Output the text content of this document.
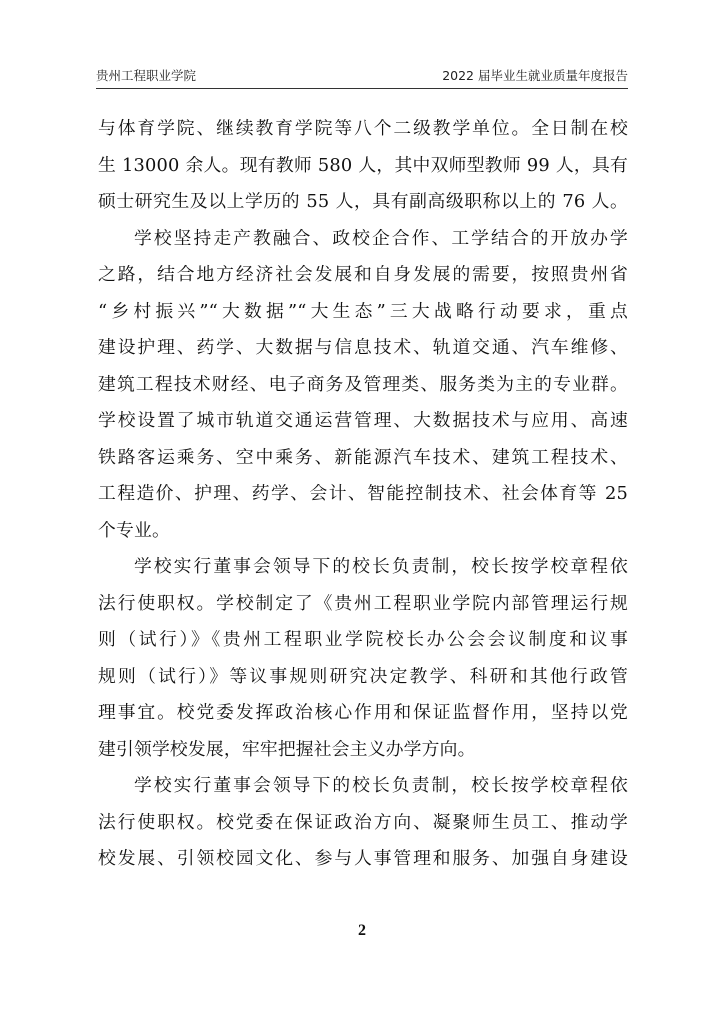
贵州工程职业学院	2022 届毕业生就业质量年度报告
与体育学院、继续教育学院等八个二级教学单位。全日制在校
生 13000 余人。现有教师 580 人，其中双师型教师 99 人，具有
硕士研究生及以上学历的 55 人，具有副高级职称以上的 76 人。
学校坚持走产教融合、政校企合作、工学结合的开放办学
之路，结合地方经济社会发展和自身发展的需要，按照贵州省
“乡村振兴”“大数据”“大生态”三大战略行动要求，重点
建设护理、药学、大数据与信息技术、轨道交通、汽车维修、
建筑工程技术财经、电子商务及管理类、服务类为主的专业群。
学校设置了城市轨道交通运营管理、大数据技术与应用、高速
铁路客运乘务、空中乘务、新能源汽车技术、建筑工程技术、
工程造价、护理、药学、会计、智能控制技术、社会体育等 25
个专业。
学校实行董事会领导下的校长负责制，校长按学校章程依
法行使职权。学校制定了《贵州工程职业学院内部管理运行规
则（试行）》《贵州工程职业学院校长办公会会议制度和议事
规则（试行）》等议事规则研究决定教学、科研和其他行政管
理事宜。校党委发挥政治核心作用和保证监督作用，坚持以党
建引领学校发展，牢牢把握社会主义办学方向。
学校实行董事会领导下的校长负责制，校长按学校章程依
法行使职权。校党委在保证政治方向、凝聚师生员工、推动学
校发展、引领校园文化、参与人事管理和服务、加强自身建设
2
